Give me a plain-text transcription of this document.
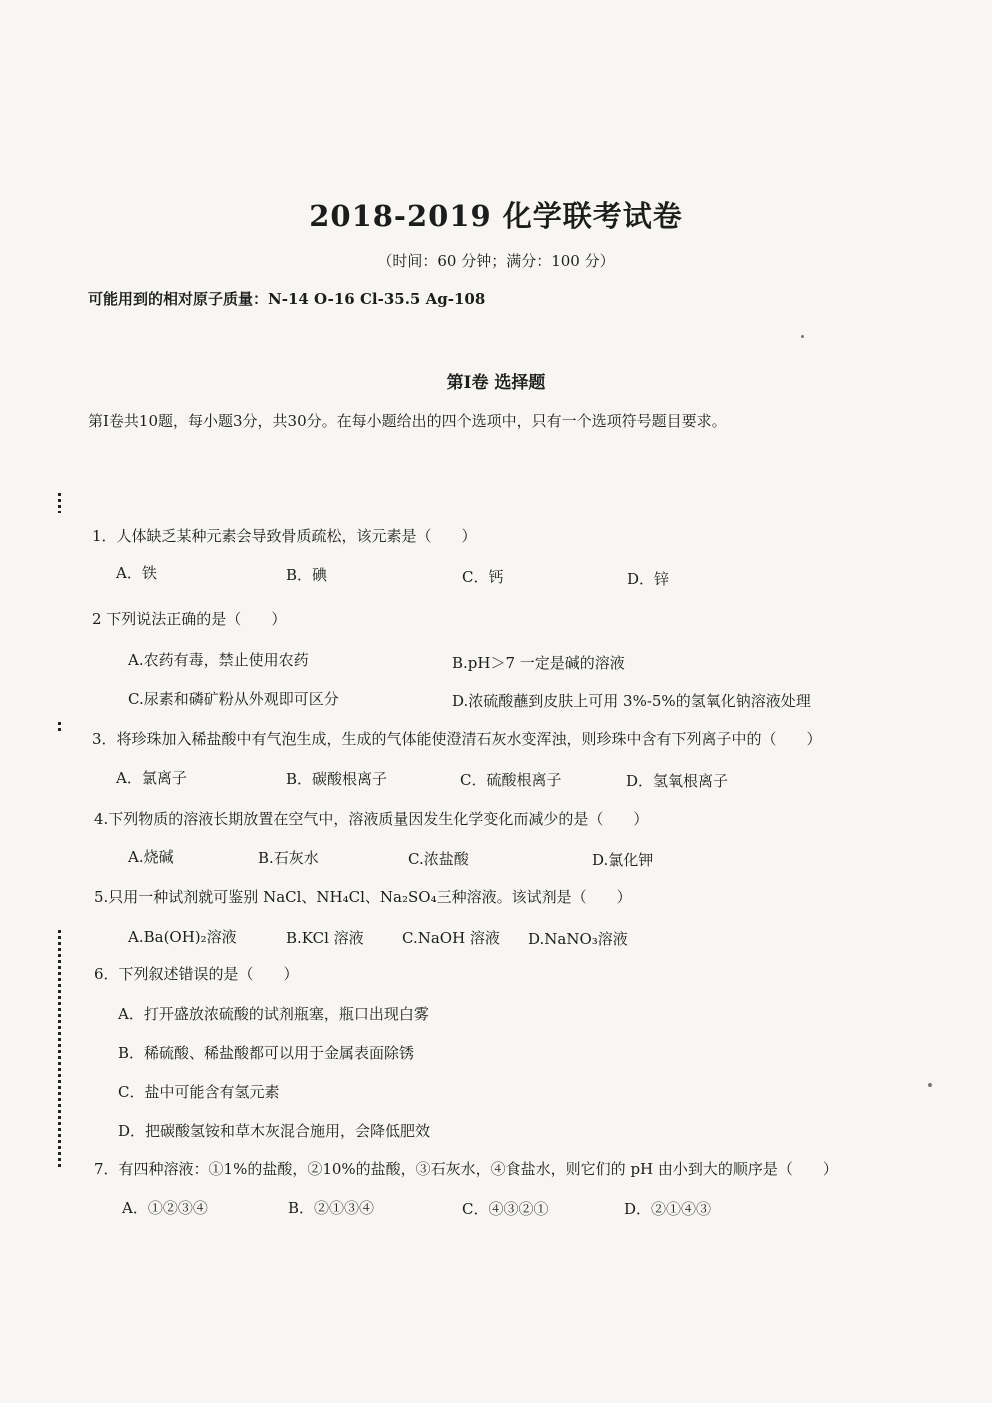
2018-2019 化学联考试卷
（时间：60 分钟；满分：100 分）
可能用到的相对原子质量：N-14 O-16 Cl-35.5 Ag-108
第Ⅰ卷 选择题
第Ⅰ卷共10题，每小题3分，共30分。在每小题给出的四个选项中，只有一个选项符号题目要求。
1．人体缺乏某种元素会导致骨质疏松，该元素是（　　）
A．铁	B．碘	C．钙	D．锌
2 下列说法正确的是（　　）
A.农药有毒，禁止使用农药	B.pH＞7 一定是碱的溶液
C.尿素和磷矿粉从外观即可区分	D.浓硫酸蘸到皮肤上可用 3%-5%的氢氧化钠溶液处理
3．将珍珠加入稀盐酸中有气泡生成，生成的气体能使澄清石灰水变浑浊，则珍珠中含有下列离子中的（　　）
A．氯离子	B．碳酸根离子	C．硫酸根离子	D．氢氧根离子
4.下列物质的溶液长期放置在空气中，溶液质量因发生化学变化而减少的是（　　）
A.烧碱	B.石灰水	C.浓盐酸	D.氯化钾
5.只用一种试剂就可鉴别 NaCl、NH₄Cl、Na₂SO₄三种溶液。该试剂是（　　）
A.Ba(OH)₂溶液	B.KCl 溶液	C.NaOH 溶液 D.NaNO₃溶液
6．下列叙述错误的是（　　）
A．打开盛放浓硫酸的试剂瓶塞，瓶口出现白雾
B．稀硫酸、稀盐酸都可以用于金属表面除锈
C．盐中可能含有氢元素
D．把碳酸氢铵和草木灰混合施用，会降低肥效
7．有四种溶液：①1%的盐酸，②10%的盐酸，③石灰水，④食盐水，则它们的 pH 由小到大的顺序是（　　）
A．①②③④	B．②①③④	C．④③②①	D．②①④③
